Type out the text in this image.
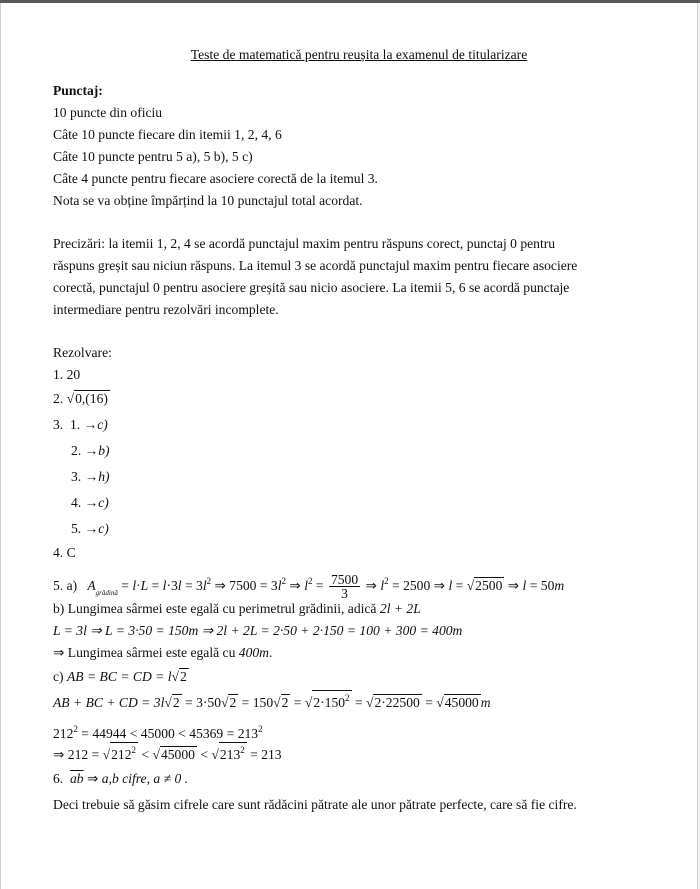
Teste de matematică pentru reușita la examenul de titularizare
Punctaj:
10 puncte din oficiu
Câte 10 puncte fiecare din itemii 1, 2, 4, 6
Câte 10 puncte pentru 5 a), 5 b), 5 c)
Câte 4 puncte pentru fiecare asociere corectă de la itemul 3.
Nota se va obține împărțind la 10 punctajul total acordat.
Precizări: la itemii 1, 2, 4 se acordă punctajul maxim pentru răspuns corect, punctaj 0 pentru
răspuns greșit sau niciun răspuns. La itemul 3 se acordă punctajul maxim pentru fiecare asociere
corectă, punctajul 0 pentru asociere greșită sau nicio asociere. La itemii 5, 6 se acordă punctaje
intermediare pentru rezolvări incomplete.
Rezolvare:
1. 20
2. √0,(16)
3. 1. →c)
2. →b)
3. →h)
4. →c)
5. →c)
4. C
5. a) $A_{grădină} = l\cdot L = l\cdot 3l = 3l^2$ ⇒ $7500 = 3l^2$ ⇒ $l^2 = \frac{7500}{3}$ ⇒ $l^2 = 2500$ ⇒ l = √2500 ⇒ l = 50m
b) Lungimea sârmei este egală cu perimetrul grădinii, adică 2l + 2L
L = 3l ⇒ L = 3·50 = 150m ⇒ 2l + 2L = 2·50 + 2·150 = 100 + 300 = 400m
⇒ Lungimea sârmei este egală cu 400m.
c) AB = BC = CD = l√2
AB + BC + CD = $3l√2 = 3\cdot 50√2 = 150√2 = √2\cdot 150^2 = √2\cdot 22500 = √45000$ m
$212^2 = 44944 < 45000 < 45369 = 213^2$
⇒ $212 = √212^2 < √45000 < √213^2 = 213$
6. $\overline{ab}$ ⇒ a,b cifre, a ≠ 0 .
Deci trebuie să găsim cifrele care sunt rădăcini pătrate ale unor pătrate perfecte, care să fie cifre.
